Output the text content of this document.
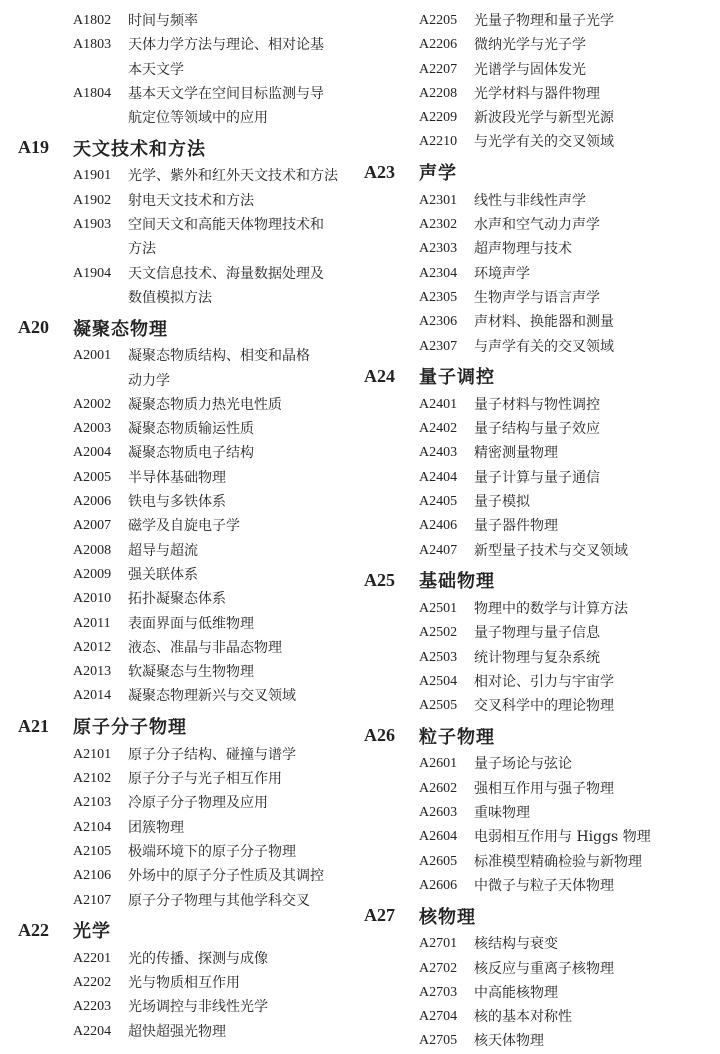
A1802	时间与频率
A1803	天体力学方法与理论、相对论基
本天文学
A1804	基本天文学在空间目标监测与导
航定位等领域中的应用
A19	天文技术和方法
A1901	光学、紫外和红外天文技术和方法
A1902	射电天文技术和方法
A1903	空间天文和高能天体物理技术和
方法
A1904	天文信息技术、海量数据处理及
数值模拟方法
A20	凝聚态物理
A2001	凝聚态物质结构、相变和晶格
动力学
A2002	凝聚态物质力热光电性质
A2003	凝聚态物质输运性质
A2004	凝聚态物质电子结构
A2005	半导体基础物理
A2006	铁电与多铁体系
A2007	磁学及自旋电子学
A2008	超导与超流
A2009	强关联体系
A2010	拓扑凝聚态体系
A2011	表面界面与低维物理
A2012	液态、准晶与非晶态物理
A2013	软凝聚态与生物物理
A2014	凝聚态物理新兴与交叉领域
A21	原子分子物理
A2101	原子分子结构、碰撞与谱学
A2102	原子分子与光子相互作用
A2103	冷原子分子物理及应用
A2104	团簇物理
A2105	极端环境下的原子分子物理
A2106	外场中的原子分子性质及其调控
A2107	原子分子物理与其他学科交叉
A22	光学
A2201	光的传播、探测与成像
A2202	光与物质相互作用
A2203	光场调控与非线性光学
A2204	超快超强光物理
A2205	光量子物理和量子光学
A2206	微纳光学与光子学
A2207	光谱学与固体发光
A2208	光学材料与器件物理
A2209	新波段光学与新型光源
A2210	与光学有关的交叉领域
A23	声学
A2301	线性与非线性声学
A2302	水声和空气动力声学
A2303	超声物理与技术
A2304	环境声学
A2305	生物声学与语言声学
A2306	声材料、换能器和测量
A2307	与声学有关的交叉领域
A24	量子调控
A2401	量子材料与物性调控
A2402	量子结构与量子效应
A2403	精密测量物理
A2404	量子计算与量子通信
A2405	量子模拟
A2406	量子器件物理
A2407	新型量子技术与交叉领域
A25	基础物理
A2501	物理中的数学与计算方法
A2502	量子物理与量子信息
A2503	统计物理与复杂系统
A2504	相对论、引力与宇宙学
A2505	交叉科学中的理论物理
A26	粒子物理
A2601	量子场论与弦论
A2602	强相互作用与强子物理
A2603	重味物理
A2604	电弱相互作用与 Higgs 物理
A2605	标准模型精确检验与新物理
A2606	中微子与粒子天体物理
A27	核物理
A2701	核结构与衰变
A2702	核反应与重离子核物理
A2703	中高能核物理
A2704	核的基本对称性
A2705	核天体物理
